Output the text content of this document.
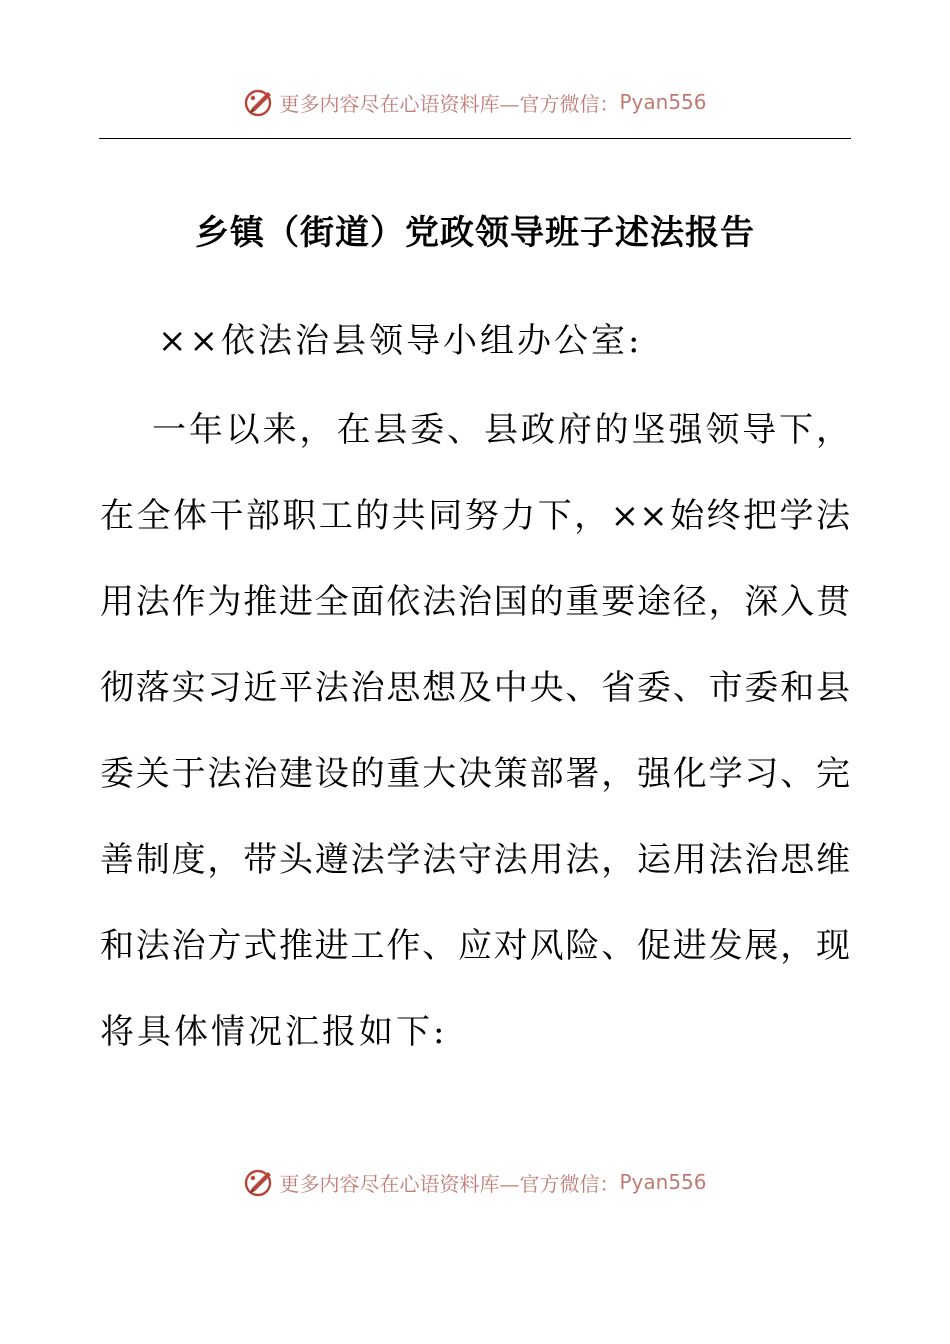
更多内容尽在心语资料库—官方微信： Pyan556
乡镇（街道）党政领导班子述法报告

××依法治县领导小组办公室:

一年以来，在县委、县政府的坚强领导下，
在全体干部职工的共同努力下，××始终把学法
用法作为推进全面依法治国的重要途径，深入贯
彻落实习近平法治思想及中央、省委、市委和县
委关于法治建设的重大决策部署，强化学习、完
善制度，带头遵法学法守法用法，运用法治思维
和法治方式推进工作、应对风险、促进发展，现
将具体情况汇报如下:
更多内容尽在心语资料库—官方微信： Pyan556
